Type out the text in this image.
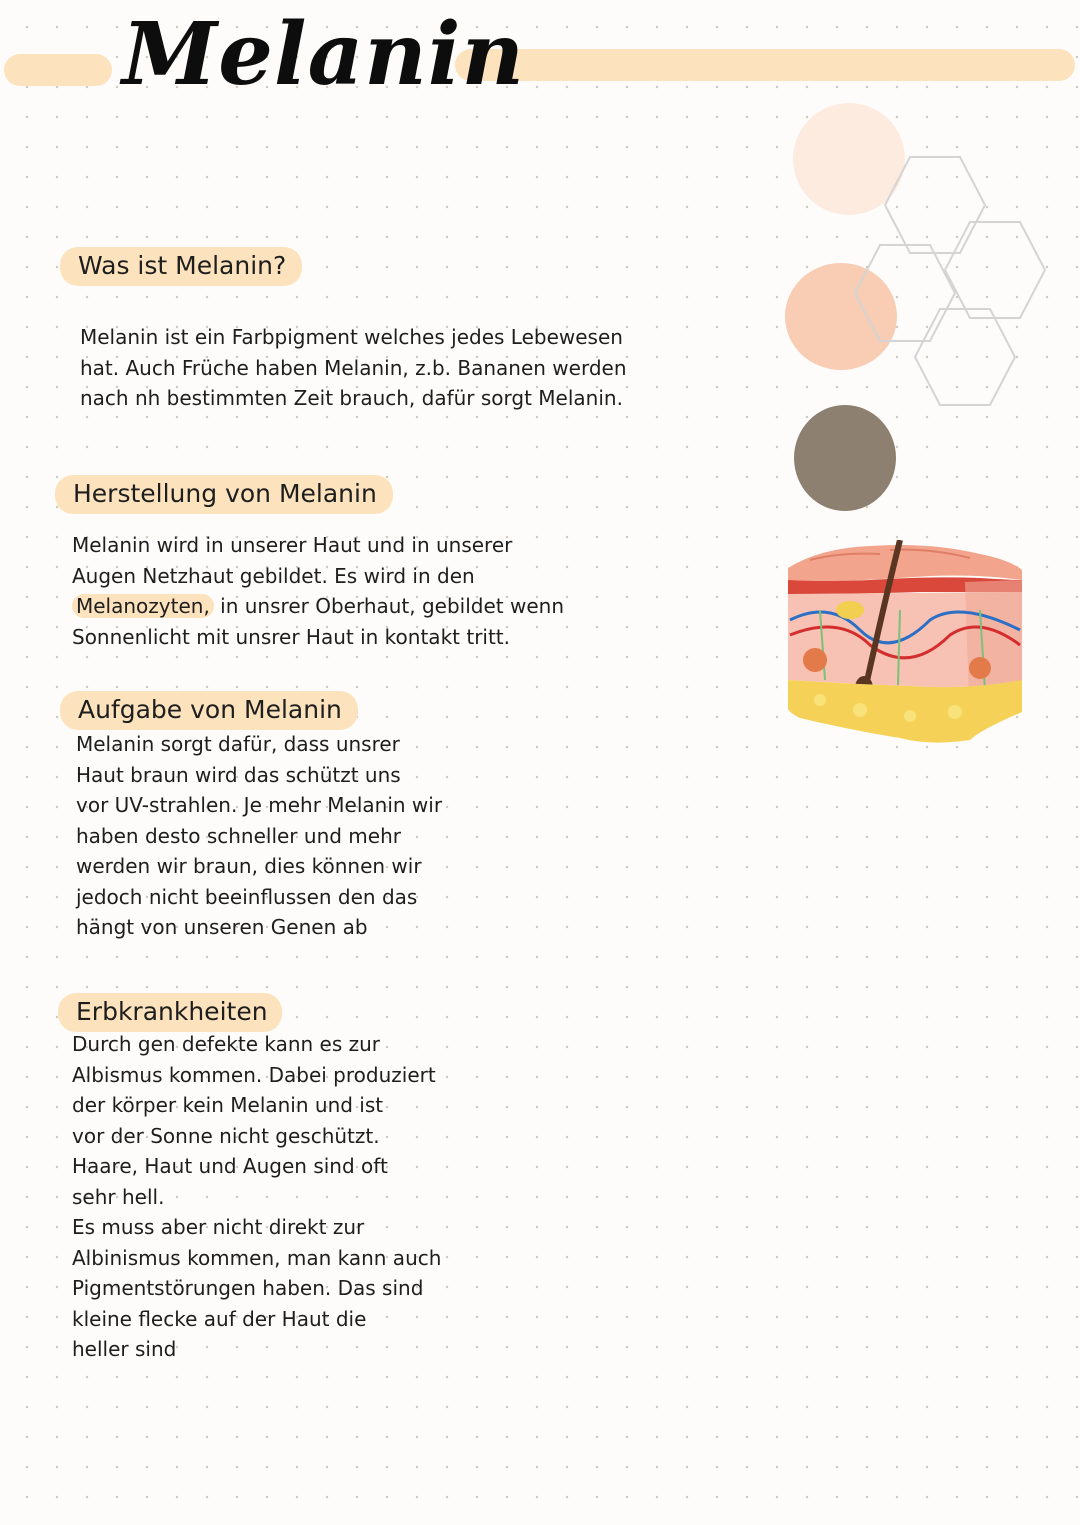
Melanin
Was ist Melanin?

Melanin ist ein Farbpigment welches jedes Lebewesen
hat. Auch Früche haben Melanin, z.b. Bananen werden
nach nh bestimmten Zeit brauch, dafür sorgt Melanin.

Herstellung von Melanin

Melanin wird in unserer Haut und in unserer
Augen Netzhaut gebildet. Es wird in den
Melanozyten, in unsrer Oberhaut, gebildet wenn
Sonnenlicht mit unsrer Haut in kontakt tritt.

Aufgabe von Melanin

Melanin sorgt dafür, dass unsrer
Haut braun wird das schützt uns
vor UV-strahlen. Je mehr Melanin wir
haben desto schneller und mehr
werden wir braun, dies können wir
jedoch nicht beeinflussen den das
hängt von unseren Genen ab

Erbkrankheiten

Durch gen defekte kann es zur
Albismus kommen. Dabei produziert
der körper kein Melanin und ist
vor der Sonne nicht geschützt.
Haare, Haut und Augen sind oft
sehr hell.
Es muss aber nicht direkt zur
Albinismus kommen, man kann auch
Pigmentstörungen haben. Das sind
kleine flecke auf der Haut die
heller sind
